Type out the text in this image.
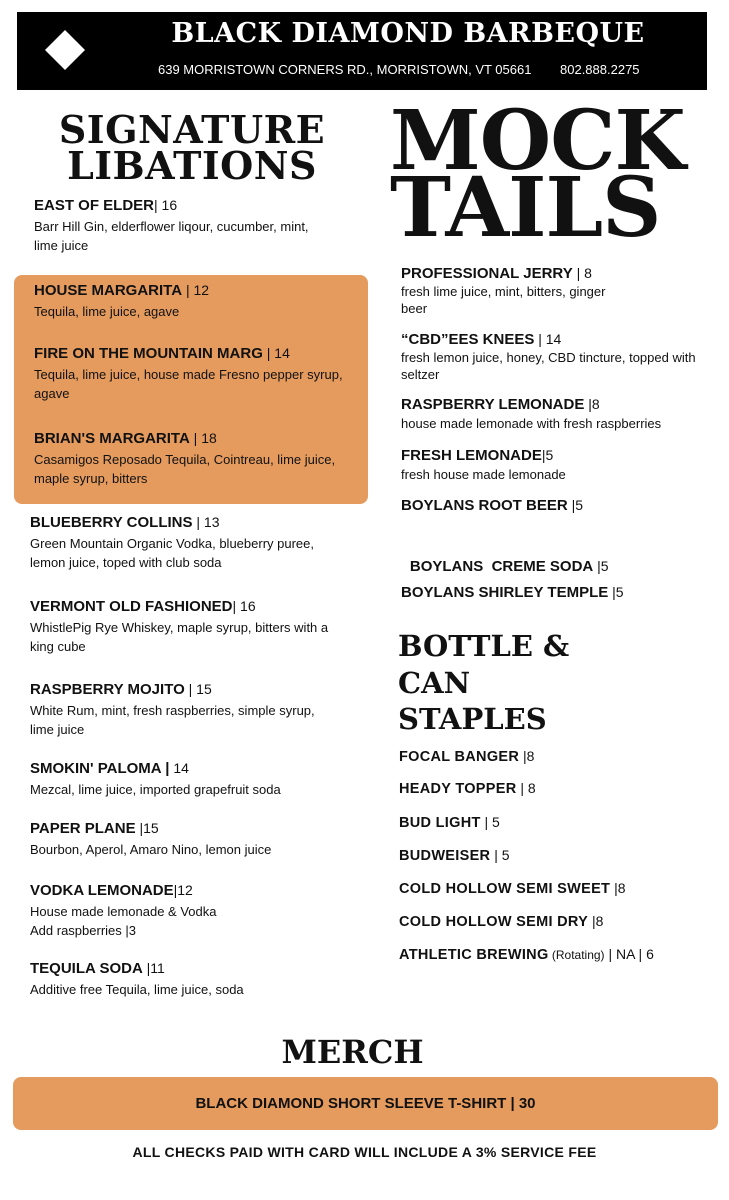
BLACK DIAMOND BARBEQUE
639 MORRISTOWN CORNERS RD., MORRISTOWN, VT 05661 802.888.2275
SIGNATURE
LIBATIONS
EAST OF ELDER| 16
Barr Hill Gin, elderflower liqour, cucumber, mint, lime juice
HOUSE MARGARITA | 12
Tequila, lime juice, agave
FIRE ON THE MOUNTAIN MARG | 14
Tequila, lime juice, house made Fresno pepper syrup, agave
BRIAN'S MARGARITA | 18
Casamigos Reposado Tequila, Cointreau, lime juice, maple syrup, bitters
BLUEBERRY COLLINS | 13
Green Mountain Organic Vodka, blueberry puree, lemon juice, toped with club soda
VERMONT OLD FASHIONED| 16
WhistlePig Rye Whiskey, maple syrup, bitters with a king cube
RASPBERRY MOJITO | 15
White Rum, mint, fresh raspberries, simple syrup, lime juice
SMOKIN' PALOMA | 14
Mezcal, lime juice, imported grapefruit soda
PAPER PLANE |15
Bourbon, Aperol, Amaro Nino, lemon juice
VODKA LEMONADE|12
House made lemonade & Vodka
Add raspberries |3
TEQUILA SODA |11
Additive free Tequila, lime juice, soda
MOCK
TAILS
PROFESSIONAL JERRY | 8
fresh lime juice, mint, bitters, ginger beer
“CBD”EES KNEES | 14
fresh lemon juice, honey, CBD tincture, topped with seltzer
RASPBERRY LEMONADE |8
house made lemonade with fresh raspberries
FRESH LEMONADE|5
fresh house made lemonade
BOYLANS ROOT BEER |5

BOYLANS  CREME SODA |5

BOYLANS SHIRLEY TEMPLE |5
BOTTLE &
CAN
STAPLES
FOCAL BANGER |8
HEADY TOPPER | 8
BUD LIGHT | 5
BUDWEISER | 5
COLD HOLLOW SEMI SWEET |8
COLD HOLLOW SEMI DRY |8
ATHLETIC BREWING (Rotating) | NA | 6
MERCH
BLACK DIAMOND SHORT SLEEVE T-SHIRT | 30
ALL CHECKS PAID WITH CARD WILL INCLUDE A 3% SERVICE FEE
